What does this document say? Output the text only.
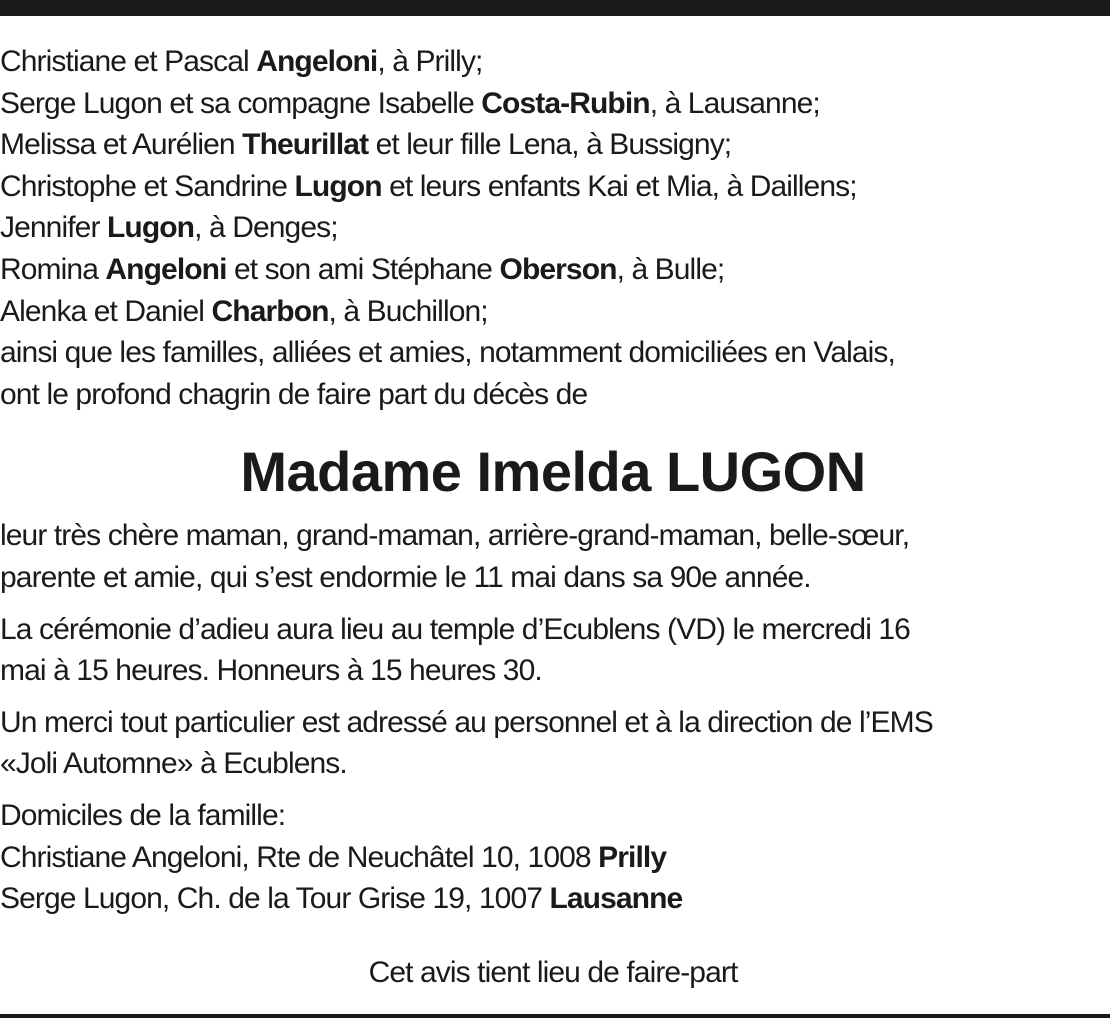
Christiane et Pascal Angeloni, à Prilly;
Serge Lugon et sa compagne Isabelle Costa-Rubin, à Lausanne;
Melissa et Aurélien Theurillat et leur fille Lena, à Bussigny;
Christophe et Sandrine Lugon et leurs enfants Kai et Mia, à Daillens;
Jennifer Lugon, à Denges;
Romina Angeloni et son ami Stéphane Oberson, à Bulle;
Alenka et Daniel Charbon, à Buchillon;
ainsi que les familles, alliées et amies, notamment domiciliées en Valais,
ont le profond chagrin de faire part du décès de
Madame Imelda LUGON
leur très chère maman, grand-maman, arrière-grand-maman, belle-sœur,
parente et amie, qui s’est endormie le 11 mai dans sa 90e année.
La cérémonie d’adieu aura lieu au temple d’Ecublens (VD) le mercredi 16
mai à 15 heures. Honneurs à 15 heures 30.
Un merci tout particulier est adressé au personnel et à la direction de l’EMS
«Joli Automne» à Ecublens.
Domiciles de la famille:
Christiane Angeloni, Rte de Neuchâtel 10, 1008 Prilly
Serge Lugon, Ch. de la Tour Grise 19, 1007 Lausanne
Cet avis tient lieu de faire-part
